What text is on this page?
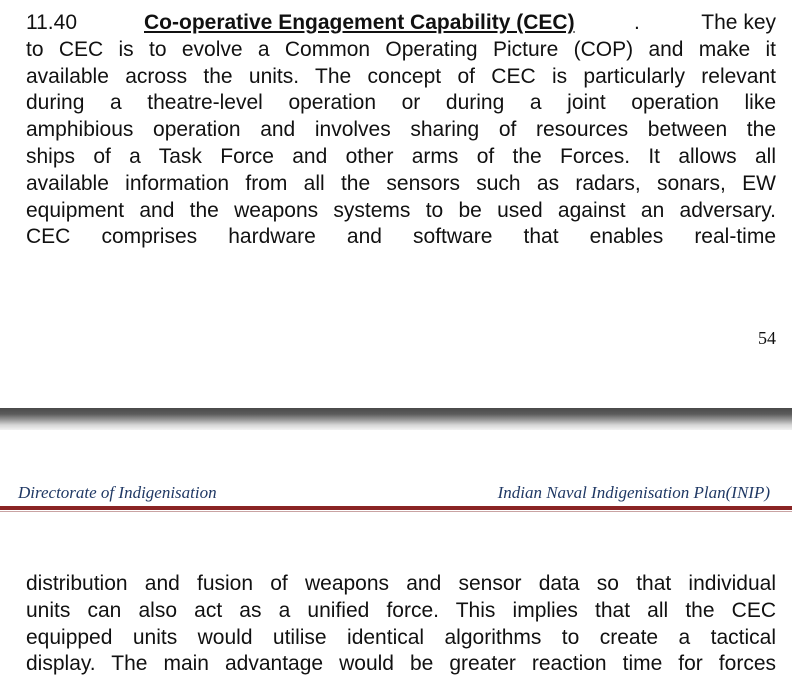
11.40	Co-operative Engagement Capability (CEC)	.	The key
to CEC is to evolve a Common Operating Picture (COP) and make it
available across the units. The concept of CEC is particularly relevant
during a theatre-level operation or during a joint operation like
amphibious operation and involves sharing of resources between the
ships of a Task Force and other arms of the Forces. It allows all
available information from all the sensors such as radars, sonars, EW
equipment and the weapons systems to be used against an adversary.
CEC comprises hardware and software that enables real-time
54
Directorate of Indigenisation	Indian Naval Indigenisation Plan(INIP)
distribution and fusion of weapons and sensor data so that individual
units can also act as a unified force. This implies that all the CEC
equipped units would utilise identical algorithms to create a tactical
display. The main advantage would be greater reaction time for forces
